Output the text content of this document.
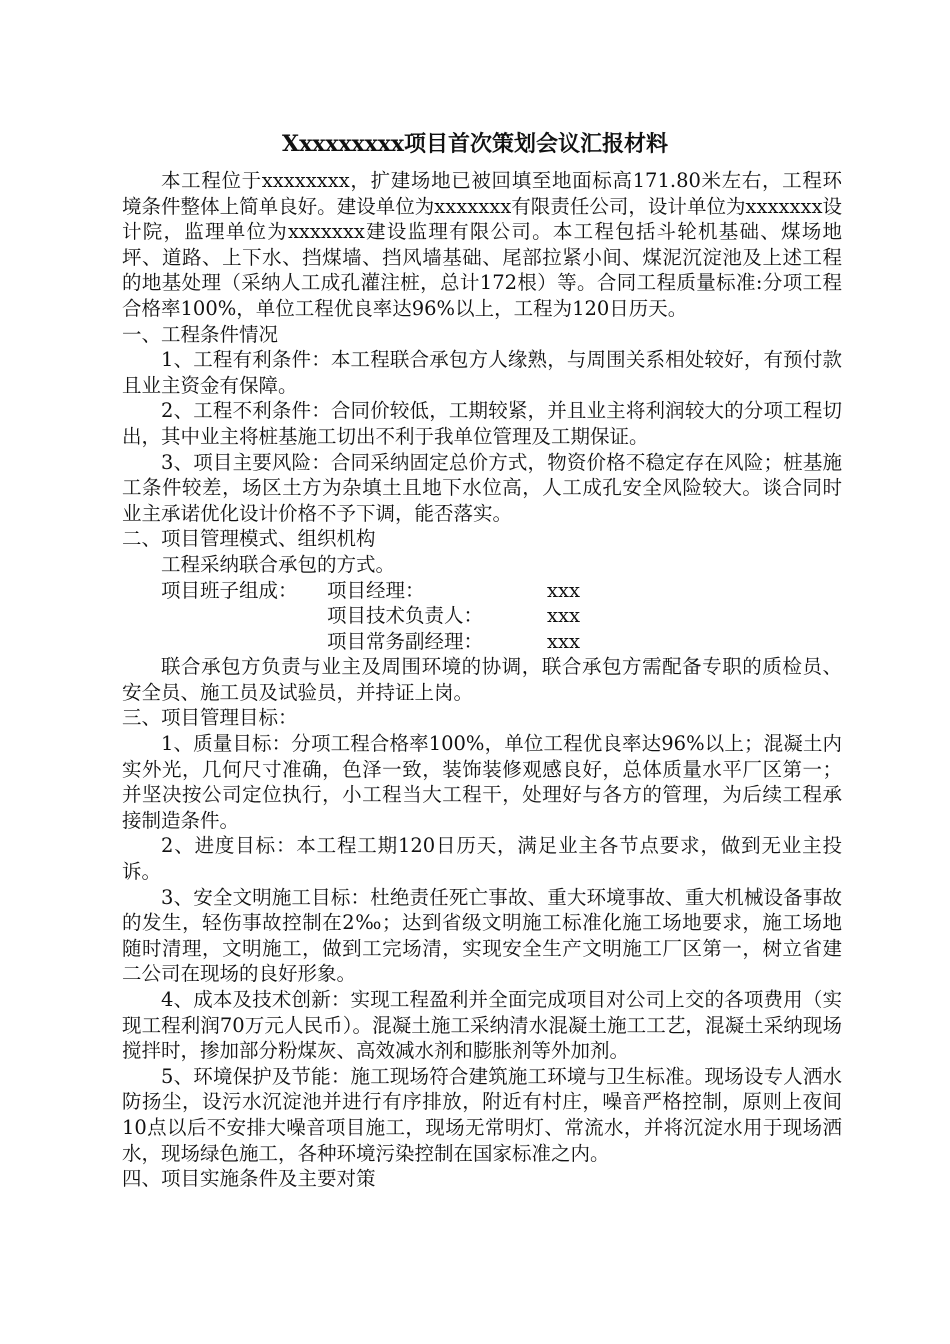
Xxxxxxxxx项目首次策划会议汇报材料

本工程位于xxxxxxxx，扩建场地已被回填至地面标高171.80米左右，工程环境条件整体上简单良好。建设单位为xxxxxxx有限责任公司，设计单位为xxxxxxx设计院，监理单位为xxxxxxx建设监理有限公司。本工程包括斗轮机基础、煤场地坪、道路、上下水、挡煤墙、挡风墙基础、尾部拉紧小间、煤泥沉淀池及上述工程的地基处理（采纳人工成孔灌注桩，总计172根）等。合同工程质量标准:分项工程合格率100%，单位工程优良率达96%以上，工程为120日历天。

一、工程条件情况

1、工程有利条件：本工程联合承包方人缘熟，与周围关系相处较好，有预付款且业主资金有保障。

2、工程不利条件：合同价较低，工期较紧，并且业主将利润较大的分项工程切出，其中业主将桩基施工切出不利于我单位管理及工期保证。

3、项目主要风险：合同采纳固定总价方式，物资价格不稳定存在风险；桩基施工条件较差，场区土方为杂填土且地下水位高，人工成孔安全风险较大。谈合同时业主承诺优化设计价格不予下调，能否落实。

二、项目管理模式、组织机构

工程采纳联合承包的方式。

项目班子组成：	项目经理：	xxx
项目技术负责人：	xxx
项目常务副经理：	xxx

联合承包方负责与业主及周围环境的协调，联合承包方需配备专职的质检员、安全员、施工员及试验员，并持证上岗。

三、项目管理目标：

1、质量目标：分项工程合格率100%，单位工程优良率达96%以上；混凝土内实外光，几何尺寸准确，色泽一致，装饰装修观感良好，总体质量水平厂区第一；并坚决按公司定位执行，小工程当大工程干，处理好与各方的管理，为后续工程承接制造条件。

2、进度目标：本工程工期120日历天，满足业主各节点要求，做到无业主投诉。

3、安全文明施工目标：杜绝责任死亡事故、重大环境事故、重大机械设备事故的发生，轻伤事故控制在2‰；达到省级文明施工标准化施工场地要求，施工场地随时清理，文明施工，做到工完场清，实现安全生产文明施工厂区第一，树立省建二公司在现场的良好形象。

4、成本及技术创新：实现工程盈利并全面完成项目对公司上交的各项费用（实现工程利润70万元人民币）。混凝土施工采纳清水混凝土施工工艺，混凝土采纳现场搅拌时，掺加部分粉煤灰、高效减水剂和膨胀剂等外加剂。

5、环境保护及节能：施工现场符合建筑施工环境与卫生标准。现场设专人洒水防扬尘，设污水沉淀池并进行有序排放，附近有村庄，噪音严格控制，原则上夜间10点以后不安排大噪音项目施工，现场无常明灯、常流水，并将沉淀水用于现场洒水，现场绿色施工，各种环境污染控制在国家标准之内。

四、项目实施条件及主要对策
